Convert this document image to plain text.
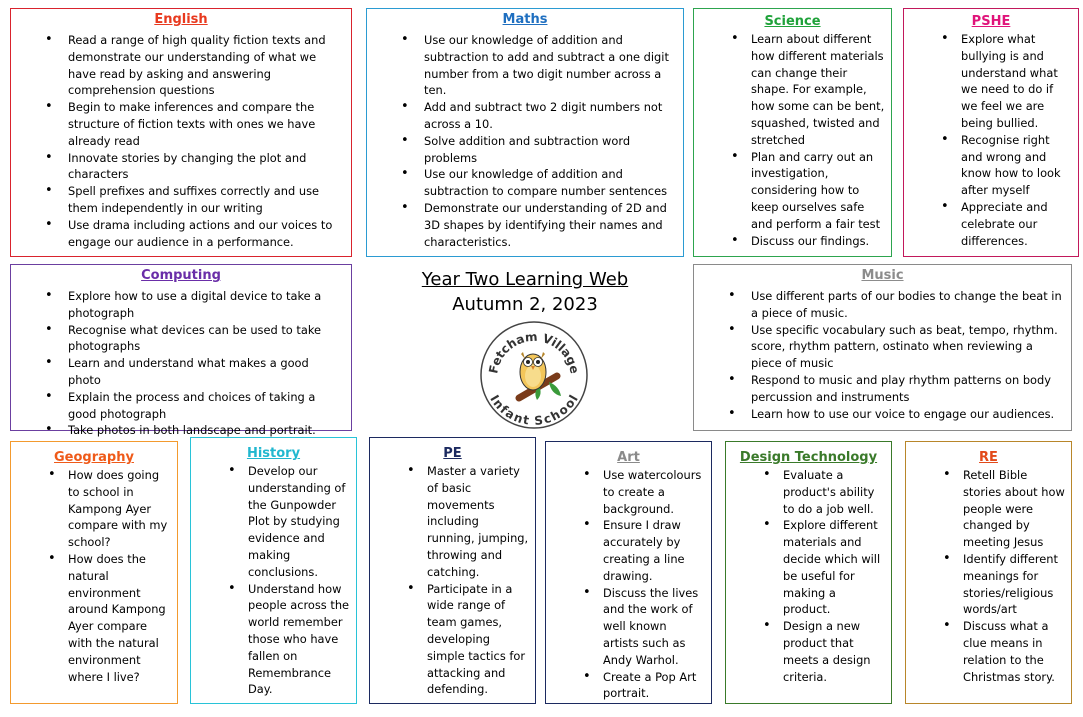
English
• Read a range of high quality fiction texts and demonstrate our understanding of what we have read by asking and answering comprehension questions
• Begin to make inferences and compare the structure of fiction texts with ones we have already read
• Innovate stories by changing the plot and characters
• Spell prefixes and suffixes correctly and use them independently in our writing
• Use drama including actions and our voices to engage our audience in a performance.
Maths
• Use our knowledge of addition and subtraction to add and subtract a one digit number from a two digit number across a ten.
• Add and subtract two 2 digit numbers not across a 10.
• Solve addition and subtraction word problems
• Use our knowledge of addition and subtraction to compare number sentences
• Demonstrate our understanding of 2D and 3D shapes by identifying their names and characteristics.
Science
• Learn about different how different materials can change their shape. For example, how some can be bent, squashed, twisted and stretched
• Plan and carry out an investigation, considering how to keep ourselves safe and perform a fair test
• Discuss our findings.
PSHE
• Explore what bullying is and understand what we need to do if we feel we are being bullied.
• Recognise right and wrong and know how to look after myself
• Appreciate and celebrate our differences.
Computing
• Explore how to use a digital device to take a photograph
• Recognise what devices can be used to take photographs
• Learn and understand what makes a good photo
• Explain the process and choices of taking a good photograph
• Take photos in both landscape and portrait.
Year Two Learning Web
Autumn 2, 2023
Fetcham Village
Infant School
Music
• Use different parts of our bodies to change the beat in a piece of music.
• Use specific vocabulary such as beat, tempo, rhythm. score, rhythm pattern, ostinato when reviewing a piece of music
• Respond to music and play rhythm patterns on body percussion and instruments
• Learn how to use our voice to engage our audiences.
Geography
• How does going to school in Kampong Ayer compare with my school?
• How does the natural environment around Kampong Ayer compare with the natural environment where I live?
History
• Develop our understanding of the Gunpowder Plot by studying evidence and making conclusions.
• Understand how people across the world remember those who have fallen on Remembrance Day.
PE
• Master a variety of basic movements including running, jumping, throwing and catching.
• Participate in a wide range of team games, developing simple tactics for attacking and defending.
Art
• Use watercolours to create a background.
• Ensure I draw accurately by creating a line drawing.
• Discuss the lives and the work of well known artists such as Andy Warhol.
• Create a Pop Art portrait.
Design Technology
• Evaluate a product's ability to do a job well.
• Explore different materials and decide which will be useful for making a product.
• Design a new product that meets a design criteria.
RE
• Retell Bible stories about how people were changed by meeting Jesus
• Identify different meanings for stories/religious words/art
• Discuss what a clue means in relation to the Christmas story.
